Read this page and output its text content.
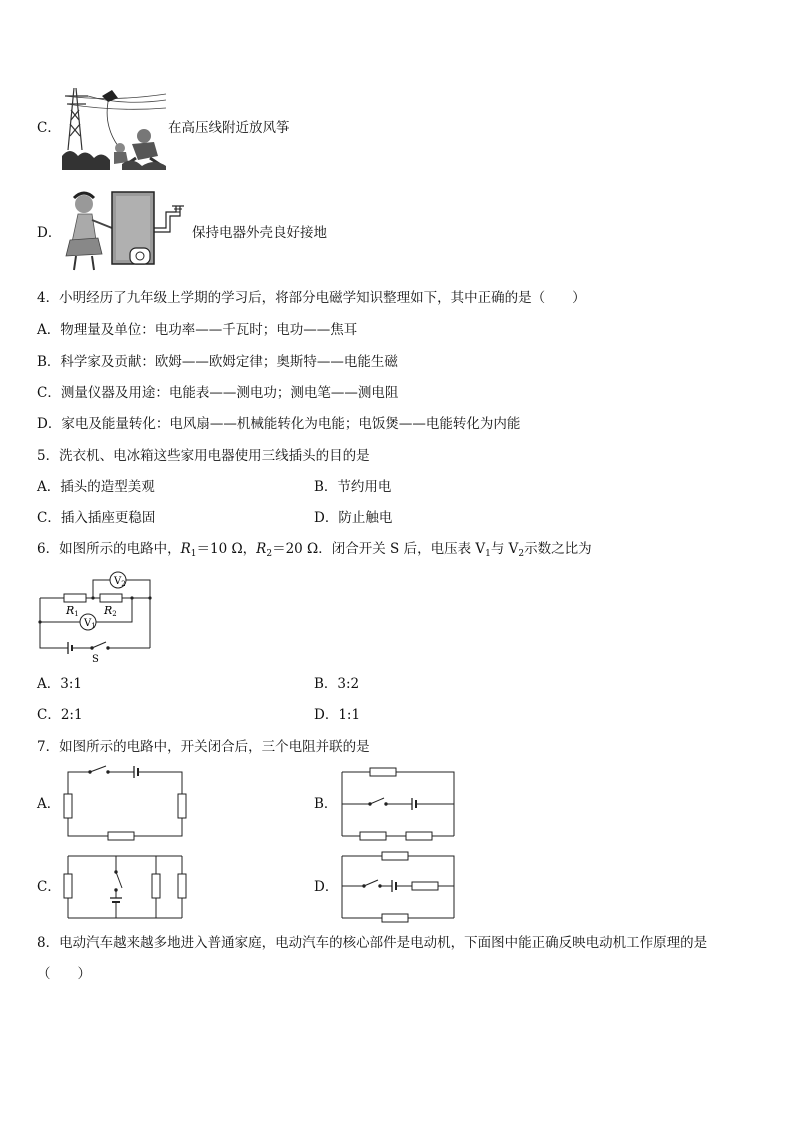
C．	在高压线附近放风筝
D．	保持电器外壳良好接地
4．小明经历了九年级上学期的学习后，将部分电磁学知识整理如下，其中正确的是（　　）
A．物理量及单位：电功率——千瓦时；电功——焦耳
B．科学家及贡献：欧姆——欧姆定律；奥斯特——电能生磁
C．测量仪器及用途：电能表——测电功；测电笔——测电阻
D．家电及能量转化：电风扇——机械能转化为电能；电饭煲——电能转化为内能
5．洗衣机、电冰箱这些家用电器使用三线插头的目的是
A．插头的造型美观	B．节约用电
C．插入插座更稳固	D．防止触电
6．如图所示的电路中，$R_1=10$ Ω，$R_2=20$ Ω．闭合开关 S 后，电压表 $V_1$与 $V_2$示数之比为
$V_2$
$V_1$
R1 R2
S
A．3:1	B．3:2
C．2:1	D．1:1
7．如图所示的电路中，开关闭合后，三个电阻并联的是
A．	B．
C．	D．
8．电动汽车越来越多地进入普通家庭，电动汽车的核心部件是电动机，下面图中能正确反映电动机工作原理的是
（　　）
